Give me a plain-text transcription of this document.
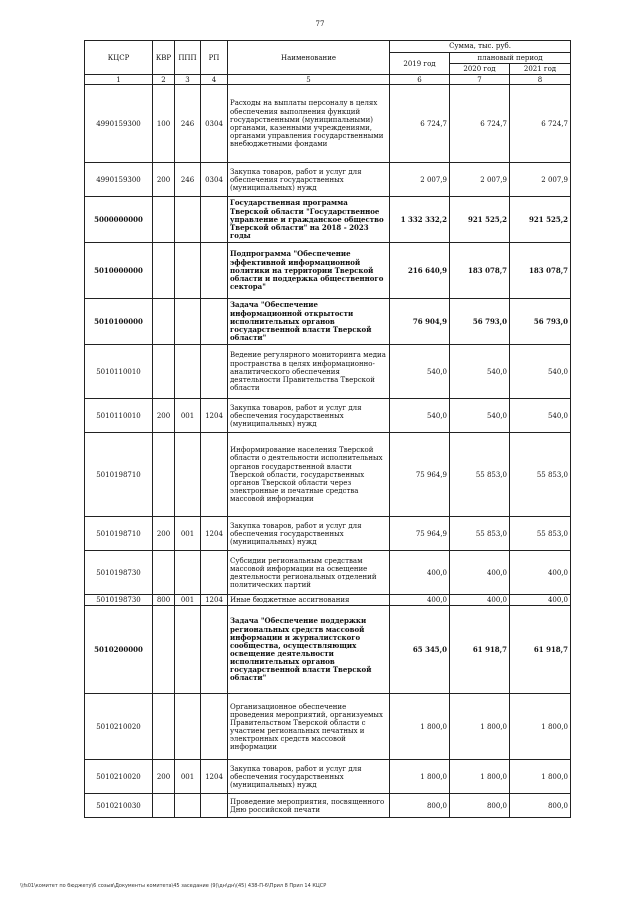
77
КЦСР	КВР	ППП	РП	Наименование	Сумма, тыс. руб.		
					2019 год	плановый период	
						2020 год	2021 год
1	2	3	4	5	6	7	8
4990159300	100	246	0304	Расходы на выплаты персоналу в целях обеспечения выполнения функций государственными (муниципальными) органами, казенными учреждениями, органами управления государственными внебюджетными фондами	6 724,7	6 724,7	6 724,7
4990159300	200	246	0304	Закупка товаров, работ и услуг для обеспечения государственных (муниципальных) нужд	2 007,9	2 007,9	2 007,9
5000000000				Государственная программа Тверской области "Государственное управление и гражданское общество Тверской области" на 2018 - 2023 годы	1 332 332,2	921 525,2	921 525,2
5010000000				Подпрограмма "Обеспечение эффективной информационной политики на территории Тверской области и поддержка общественного сектора"	216 640,9	183 078,7	183 078,7
5010100000				Задача "Обеспечение информационной открытости исполнительных органов государственной власти Тверской области"	76 904,9	56 793,0	56 793,0
5010110010				Ведение регулярного мониторинга медиа пространства в целях информационно-аналитического обеспечения деятельности Правительства Тверской области	540,0	540,0	540,0
5010110010	200	001	1204	Закупка товаров, работ и услуг для обеспечения государственных (муниципальных) нужд	540,0	540,0	540,0
5010198710				Информирование населения Тверской области о деятельности исполнительных органов государственной власти Тверской области, государственных органов Тверской области через электронные и печатные средства массовой информации	75 964,9	55 853,0	55 853,0
5010198710	200	001	1204	Закупка товаров, работ и услуг для обеспечения государственных (муниципальных) нужд	75 964,9	55 853,0	55 853,0
5010198730				Субсидии региональным средствам массовой информации на освещение деятельности региональных отделений политических партий	400,0	400,0	400,0
5010198730	800	001	1204	Иные бюджетные ассигнования	400,0	400,0	400,0
5010200000				Задача "Обеспечение поддержки региональных средств массовой информации и журналистского сообщества, осуществляющих освещение деятельности исполнительных органов государственной власти Тверской области"	65 345,0	61 918,7	61 918,7
5010210020				Организационное обеспечение проведения мероприятий, организуемых Правительством Тверской области с участием региональных печатных и электронных средств массовой информации	1 800,0	1 800,0	1 800,0
5010210020	200	001	1204	Закупка товаров, работ и услуг для обеспечения государственных (муниципальных) нужд	1 800,0	1 800,0	1 800,0
5010210030				Проведение мероприятия, посвященного Дню российской печати	800,0	800,0	800,0
\\fs01\комитет по бюджету\6 созыв\Документы комитета\45 заседание (9)\дн\дн\(45) 438-П-6\Прил 8 Прил 14 КЦСР
